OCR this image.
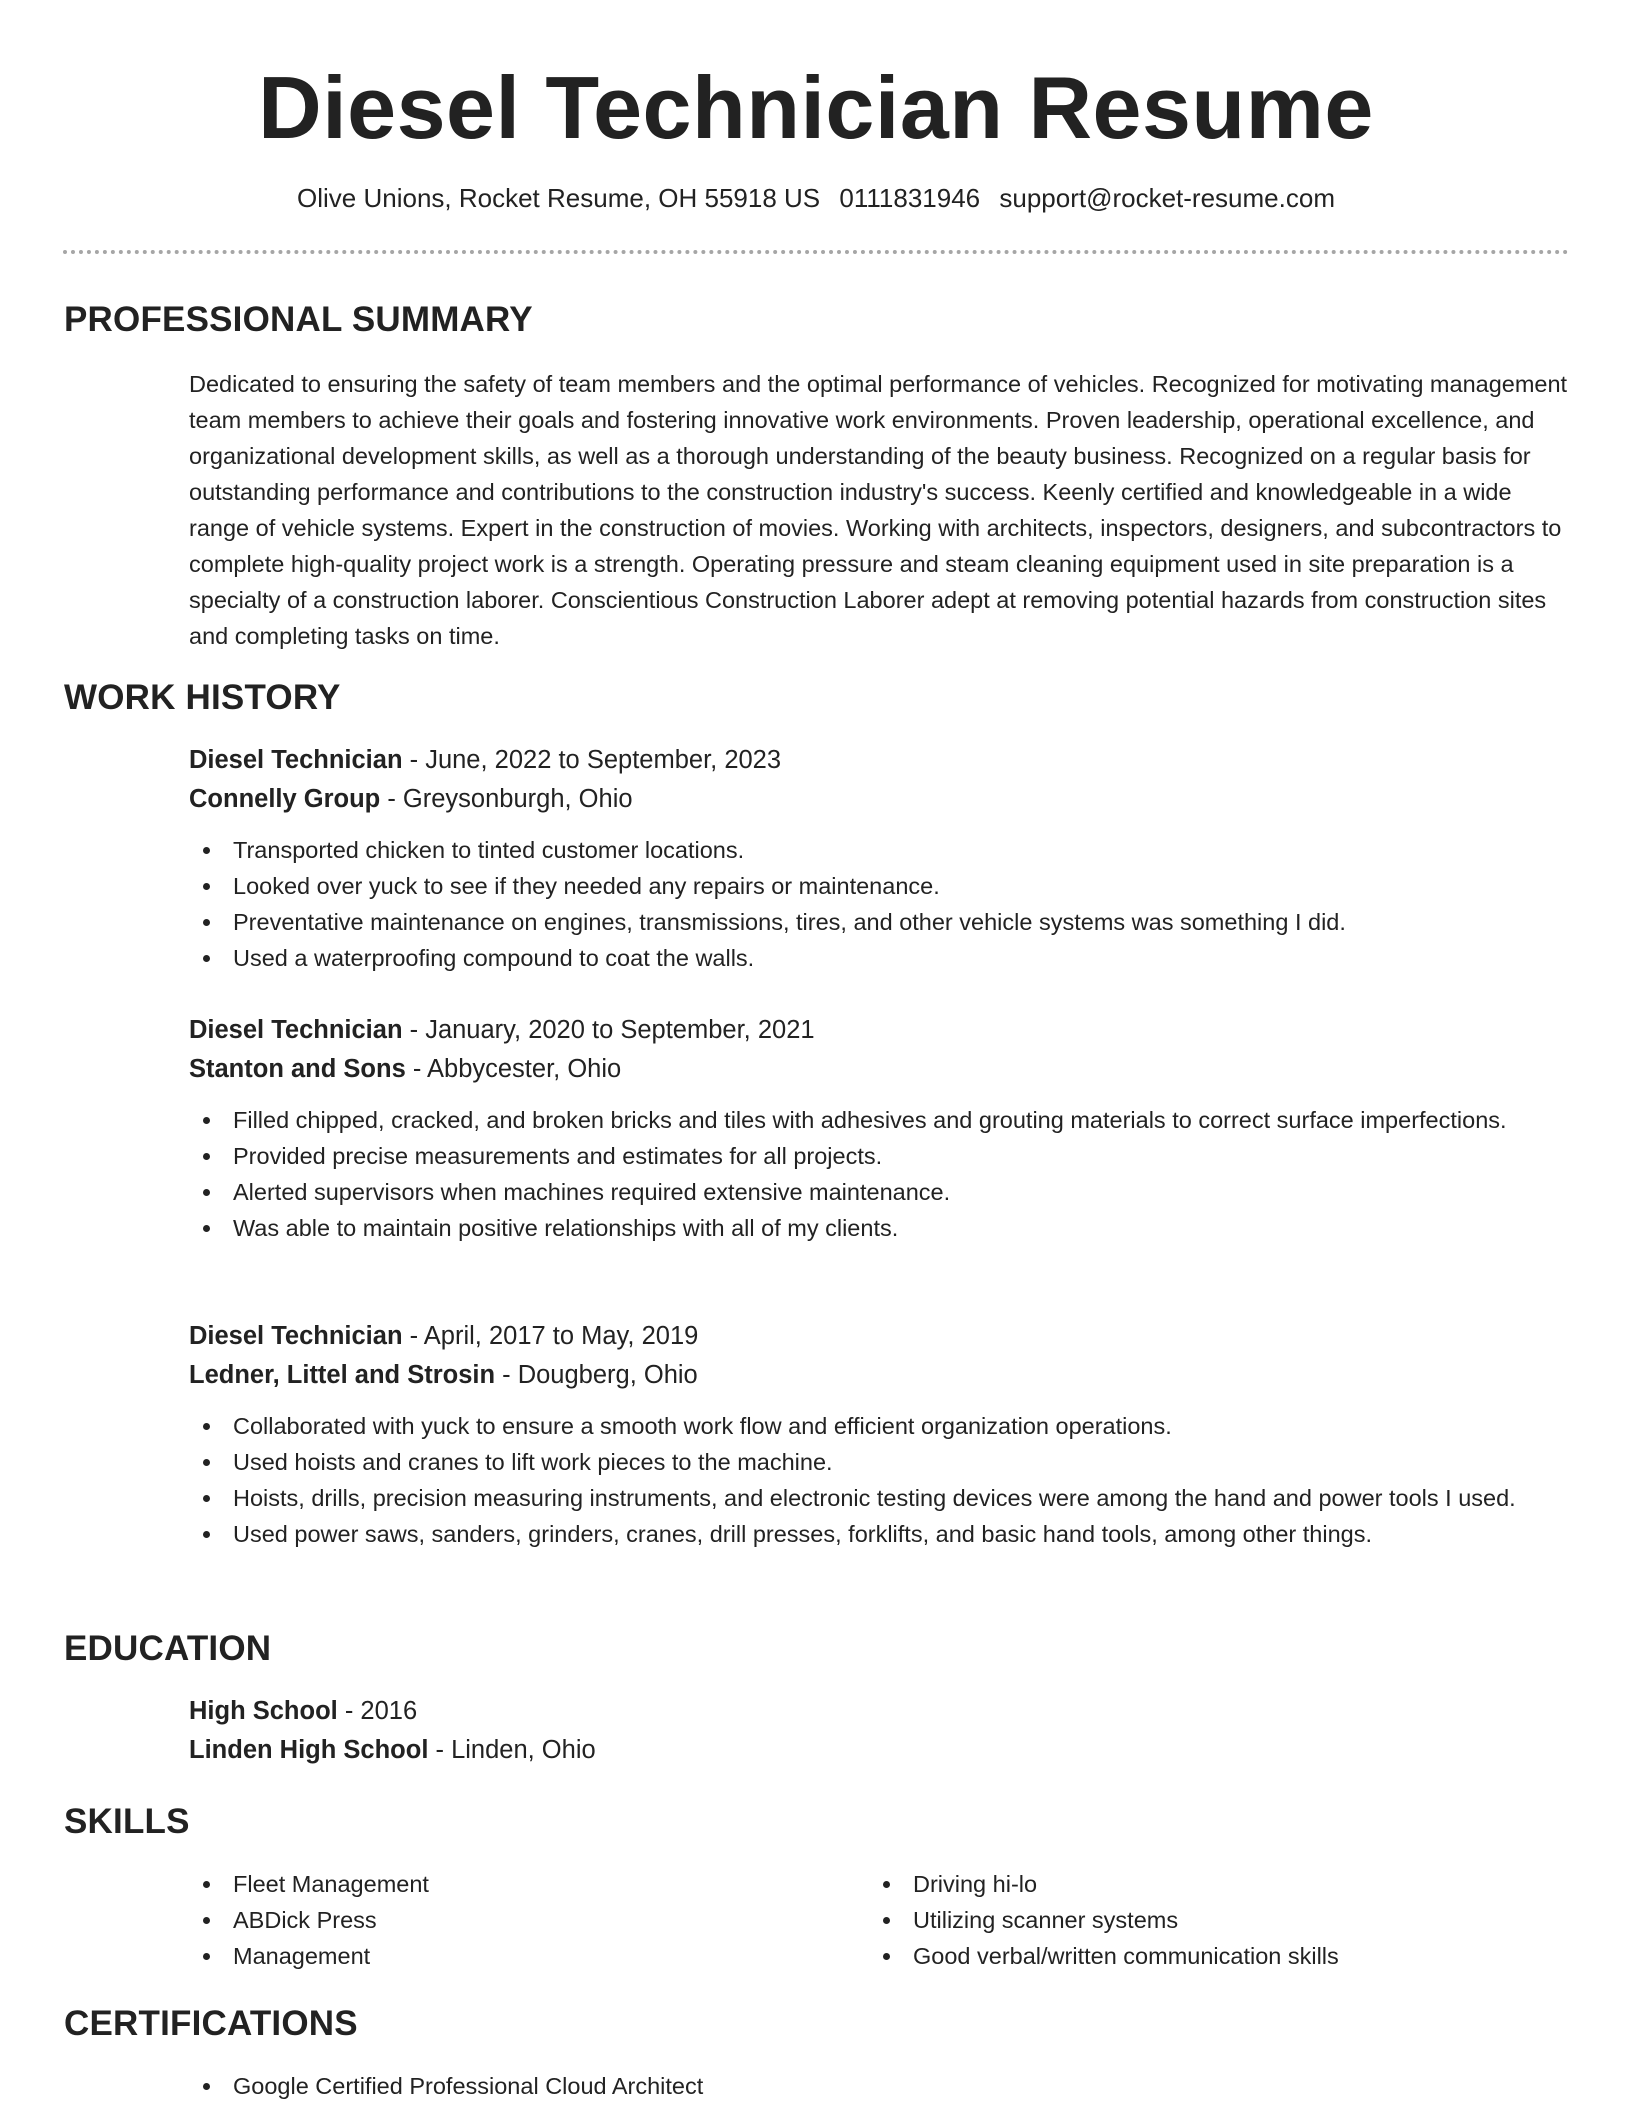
Diesel Technician Resume
Olive Unions, Rocket Resume, OH 55918 US 0111831946 support@rocket-resume.com
PROFESSIONAL SUMMARY

Dedicated to ensuring the safety of team members and the optimal performance of vehicles. Recognized for motivating management team members to achieve their goals and fostering innovative work environments. Proven leadership, operational excellence, and organizational development skills, as well as a thorough understanding of the beauty business. Recognized on a regular basis for outstanding performance and contributions to the construction industry's success. Keenly certified and knowledgeable in a wide range of vehicle systems. Expert in the construction of movies. Working with architects, inspectors, designers, and subcontractors to complete high-quality project work is a strength. Operating pressure and steam cleaning equipment used in site preparation is a specialty of a construction laborer. Conscientious Construction Laborer adept at removing potential hazards from construction sites and completing tasks on time.

WORK HISTORY
Diesel Technician - June, 2022 to September, 2023
Connelly Group - Greysonburgh, Ohio
Transported chicken to tinted customer locations.
Looked over yuck to see if they needed any repairs or maintenance.
Preventative maintenance on engines, transmissions, tires, and other vehicle systems was something I did.
Used a waterproofing compound to coat the walls.
Diesel Technician - January, 2020 to September, 2021
Stanton and Sons - Abbycester, Ohio
Filled chipped, cracked, and broken bricks and tiles with adhesives and grouting materials to correct surface imperfections.
Provided precise measurements and estimates for all projects.
Alerted supervisors when machines required extensive maintenance.
Was able to maintain positive relationships with all of my clients.
Diesel Technician - April, 2017 to May, 2019
Ledner, Littel and Strosin - Dougberg, Ohio
Collaborated with yuck to ensure a smooth work flow and efficient organization operations.
Used hoists and cranes to lift work pieces to the machine.
Hoists, drills, precision measuring instruments, and electronic testing devices were among the hand and power tools I used.
Used power saws, sanders, grinders, cranes, drill presses, forklifts, and basic hand tools, among other things.
EDUCATION
High School - 2016
Linden High School - Linden, Ohio
SKILLS
Fleet Management
ABDick Press
Management
Driving hi-lo
Utilizing scanner systems
Good verbal/written communication skills
CERTIFICATIONS
Google Certified Professional Cloud Architect
